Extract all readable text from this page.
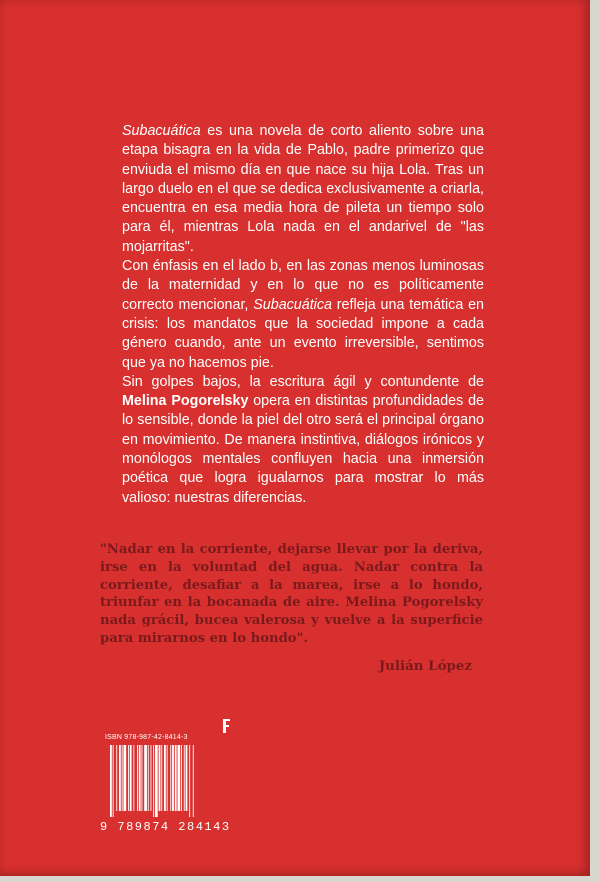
Subacuática es una novela de corto aliento sobre una etapa bisagra en la vida de Pablo, padre primerizo que enviuda el mismo día en que nace su hija Lola. Tras un largo duelo en el que se dedica exclusivamente a criarla, encuentra en esa media hora de pileta un tiempo solo para él, mientras Lola nada en el andarivel de "las mojarritas".

Con énfasis en el lado b, en las zonas menos luminosas de la maternidad y en lo que no es políticamente correcto mencionar, Subacuática refleja una temática en crisis: los mandatos que la sociedad impone a cada género cuando, ante un evento irreversible, sentimos que ya no hacemos pie.

Sin golpes bajos, la escritura ágil y contundente de Melina Pogorelsky opera en distintas profundidades de lo sensible, donde la piel del otro será el principal órgano en movimiento. De manera instintiva, diálogos irónicos y monólogos mentales confluyen hacia una inmersión poética que logra igualarnos para mostrar lo más valioso: nuestras diferencias.

"Nadar en la corriente, dejarse llevar por la deriva, irse en la voluntad del agua. Nadar contra la corriente, desafiar a la marea, irse a lo hondo, triunfar en la bocanada de aire. Melina Pogorelsky nada grácil, bucea valerosa y vuelve a la superficie para mirarnos en lo hondo".
Julián López
ISBN 978-987-42-8414-3
9 789874 284143
